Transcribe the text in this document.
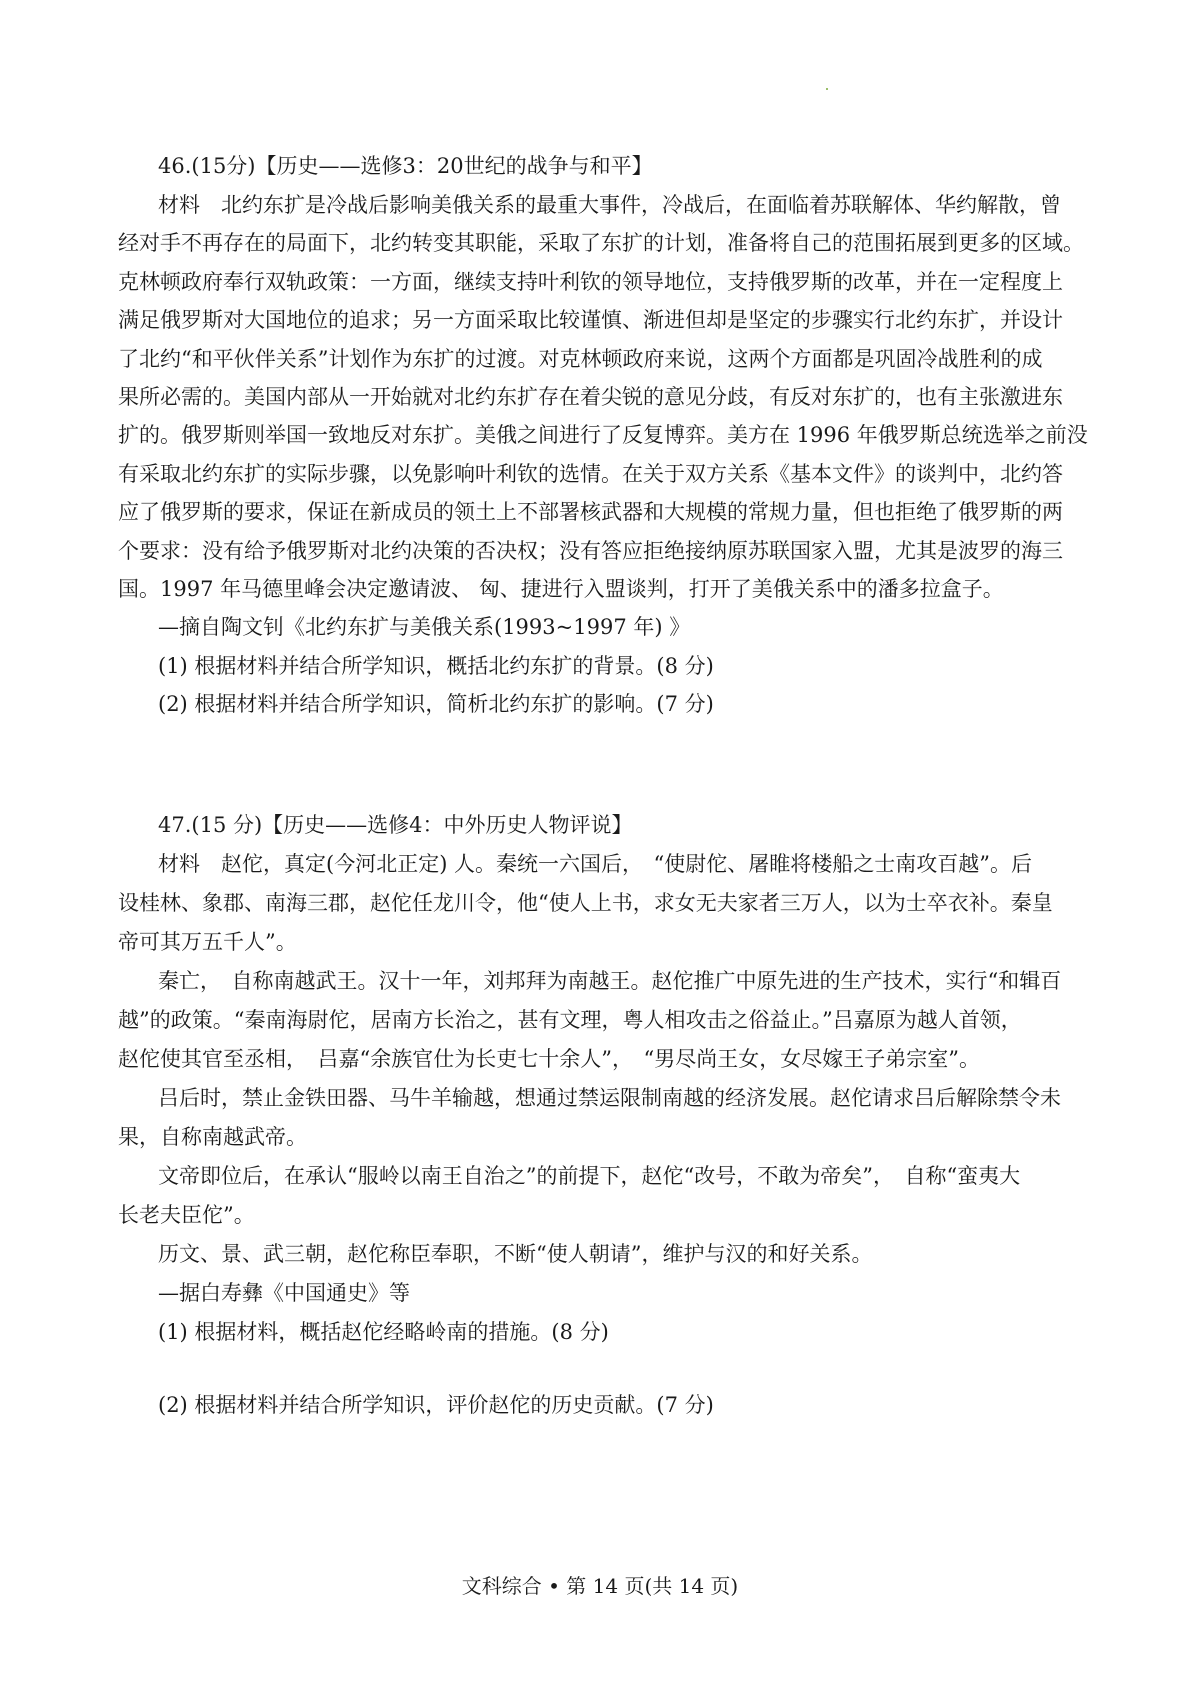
46.(15分)【历史——选修3：20世纪的战争与和平】
材料　北约东扩是冷战后影响美俄关系的最重大事件，冷战后，在面临着苏联解体、华约解散，曾
经对手不再存在的局面下，北约转变其职能，采取了东扩的计划，准备将自己的范围拓展到更多的区域。
克林顿政府奉行双轨政策：一方面，继续支持叶利钦的领导地位，支持俄罗斯的改革，并在一定程度上
满足俄罗斯对大国地位的追求；另一方面采取比较谨慎、渐进但却是坚定的步骤实行北约东扩，并设计
了北约“和平伙伴关系”计划作为东扩的过渡。对克林顿政府来说，这两个方面都是巩固冷战胜利的成
果所必需的。美国内部从一开始就对北约东扩存在着尖锐的意见分歧，有反对东扩的，也有主张激进东
扩的。俄罗斯则举国一致地反对东扩。美俄之间进行了反复博弈。美方在 1996 年俄罗斯总统选举之前没
有采取北约东扩的实际步骤，以免影响叶利钦的选情。在关于双方关系《基本文件》的谈判中，北约答
应了俄罗斯的要求，保证在新成员的领土上不部署核武器和大规模的常规力量，但也拒绝了俄罗斯的两
个要求：没有给予俄罗斯对北约决策的否决权；没有答应拒绝接纳原苏联国家入盟，尤其是波罗的海三
国。1997 年马德里峰会决定邀请波、 匈、捷进行入盟谈判，打开了美俄关系中的潘多拉盒子。
—摘自陶文钊《北约东扩与美俄关系(1993~1997 年) 》
(1) 根据材料并结合所学知识，概括北约东扩的背景。(8 分)
(2) 根据材料并结合所学知识，简析北约东扩的影响。(7 分)
47.(15 分)【历史——选修4：中外历史人物评说】
材料　赵佗，真定(今河北正定) 人。秦统一六国后，　“使尉佗、屠睢将楼船之士南攻百越”。后
设桂林、象郡、南海三郡，赵佗任龙川令，他“使人上书，求女无夫家者三万人，以为士卒衣补。秦皇
帝可其万五千人”。
秦亡，　自称南越武王。汉十一年，刘邦拜为南越王。赵佗推广中原先进的生产技术，实行“和辑百
越”的政策。“秦南海尉佗，居南方长治之，甚有文理，粤人相攻击之俗益止。”吕嘉原为越人首领，
赵佗使其官至丞相，　吕嘉“余族官仕为长吏七十余人”，　“男尽尚王女，女尽嫁王子弟宗室”。
吕后时，禁止金铁田器、马牛羊输越，想通过禁运限制南越的经济发展。赵佗请求吕后解除禁令未
果，自称南越武帝。
文帝即位后，在承认“服岭以南王自治之”的前提下，赵佗“改号，不敢为帝矣”，　自称“蛮夷大
长老夫臣佗”。
历文、景、武三朝，赵佗称臣奉职，不断“使人朝请”，维护与汉的和好关系。
—据白寿彝《中国通史》等
(1) 根据材料，概括赵佗经略岭南的措施。(8 分)
(2) 根据材料并结合所学知识，评价赵佗的历史贡献。(7 分)
文科综合 • 第 14 页(共 14 页)
